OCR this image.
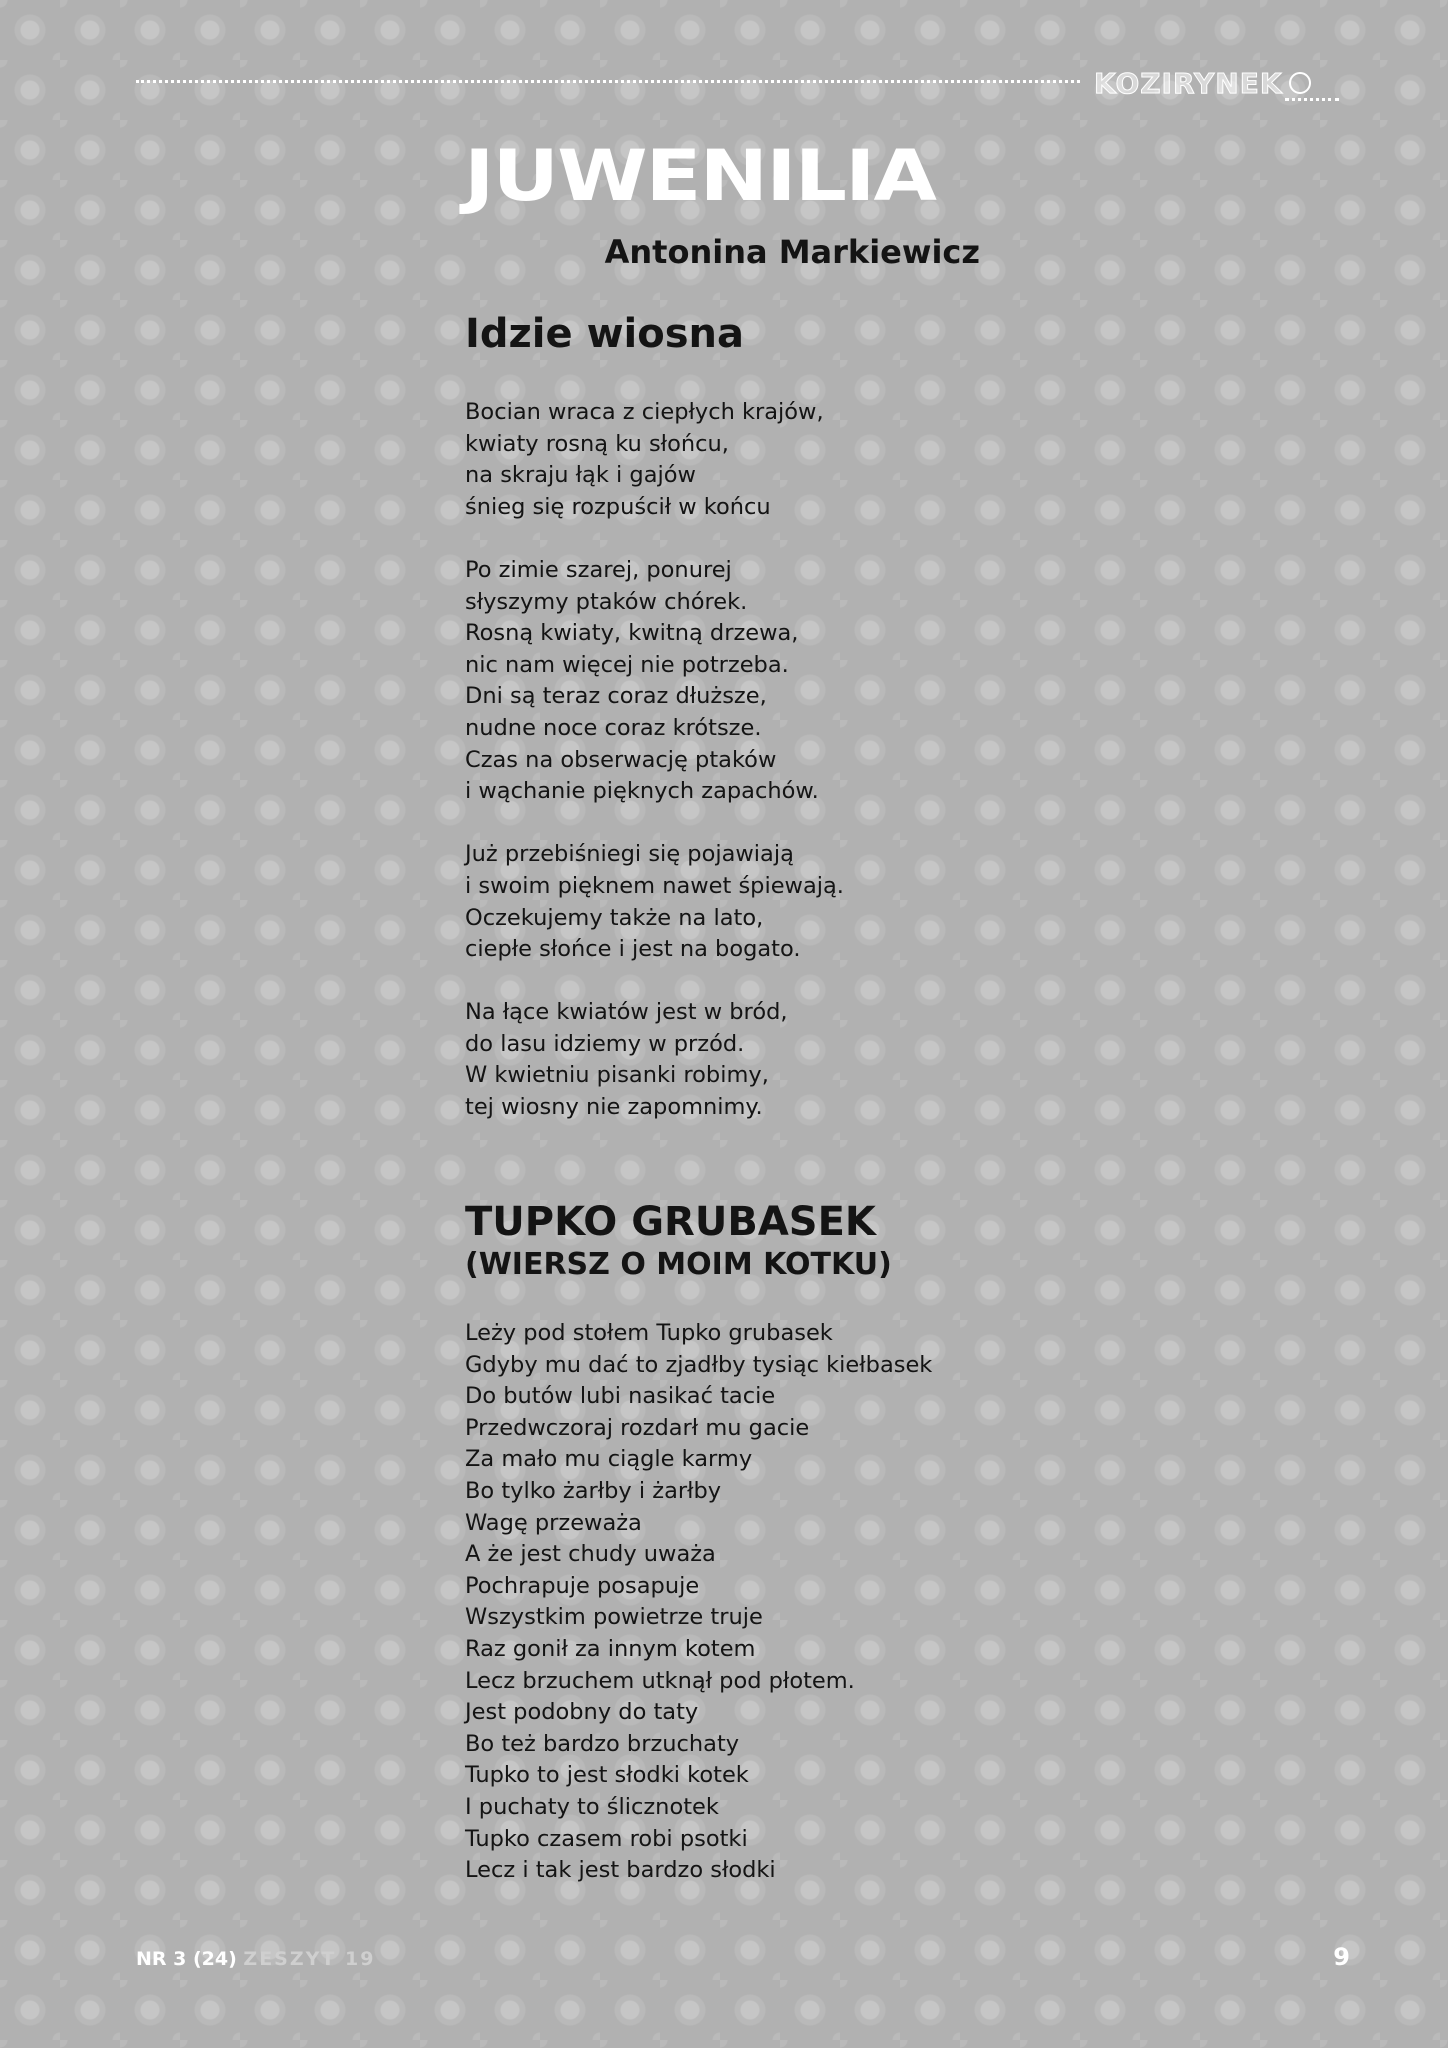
KOZIRYNEK
JUWENILIA
Antonina Markiewicz
Idzie wiosna
Bocian wraca z ciepłych krajów,
kwiaty rosną ku słońcu,
na skraju łąk i gajów
śnieg się rozpuścił w końcu
Po zimie szarej, ponurej
słyszymy ptaków chórek.
Rosną kwiaty, kwitną drzewa,
nic nam więcej nie potrzeba.
Dni są teraz coraz dłuższe,
nudne noce coraz krótsze.
Czas na obserwację ptaków
i wąchanie pięknych zapachów.
Już przebiśniegi się pojawiają
i swoim pięknem nawet śpiewają.
Oczekujemy także na lato,
ciepłe słońce i jest na bogato.
Na łące kwiatów jest w bród,
do lasu idziemy w przód.
W kwietniu pisanki robimy,
tej wiosny nie zapomnimy.
TUPKO GRUBASEK
(WIERSZ O MOIM KOTKU)
Leży pod stołem Tupko grubasek
Gdyby mu dać to zjadłby tysiąc kiełbasek
Do butów lubi nasikać tacie
Przedwczoraj rozdarł mu gacie
Za mało mu ciągle karmy
Bo tylko żarłby i żarłby
Wagę przeważa
A że jest chudy uważa
Pochrapuje posapuje
Wszystkim powietrze truje
Raz gonił za innym kotem
Lecz brzuchem utknął pod płotem.
Jest podobny do taty
Bo też bardzo brzuchaty
Tupko to jest słodki kotek
I puchaty to ślicznotek
Tupko czasem robi psotki
Lecz i tak jest bardzo słodki
NR 3 (24) ZESZYT 19	9
